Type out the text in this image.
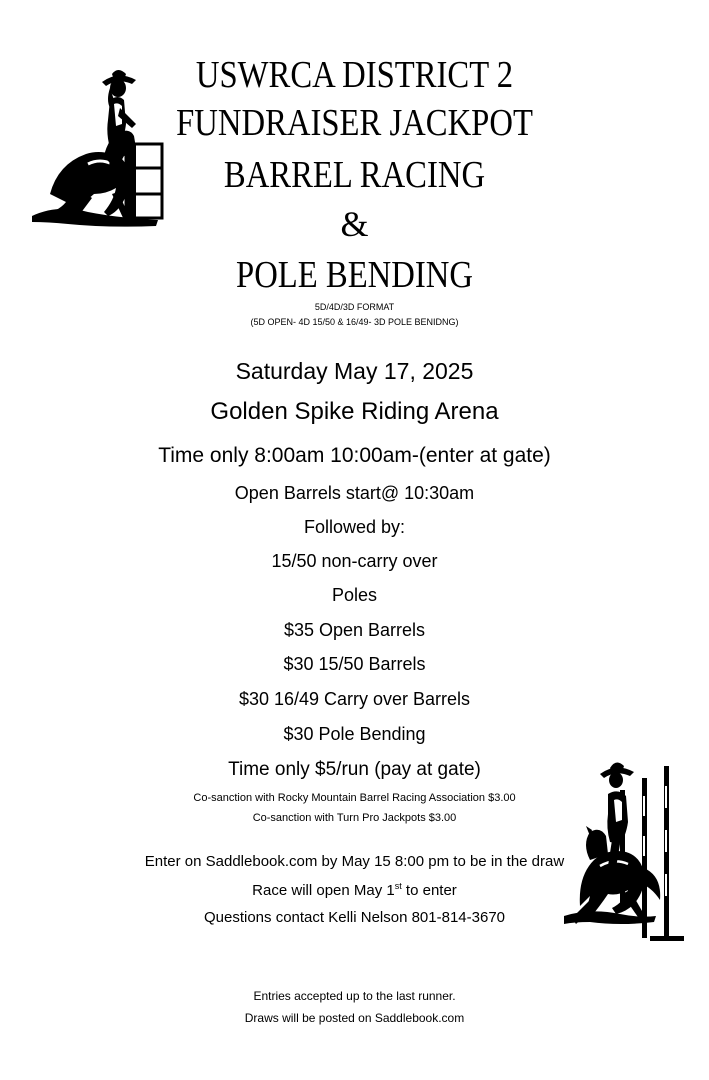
USWRCA DISTRICT 2
FUNDRAISER JACKPOT
BARREL RACING
&
POLE BENDING
5D/4D/3D FORMAT
(5D OPEN- 4D 15/50 & 16/49- 3D POLE BENIDNG)
Saturday May 17, 2025
Golden Spike Riding Arena
Time only 8:00am 10:00am-(enter at gate)
Open Barrels start@ 10:30am
Followed by:
15/50 non-carry over
Poles
$35 Open Barrels
$30 15/50 Barrels
$30 16/49 Carry over Barrels
$30 Pole Bending
Time only $5/run (pay at gate)
Co-sanction with Rocky Mountain Barrel Racing Association $3.00
Co-sanction with Turn Pro Jackpots $3.00
Enter on Saddlebook.com by May 15 8:00 pm to be in the draw
Race will open May 1st to enter
Questions contact Kelli Nelson 801-814-3670
Entries accepted up to the last runner.
Draws will be posted on Saddlebook.com
